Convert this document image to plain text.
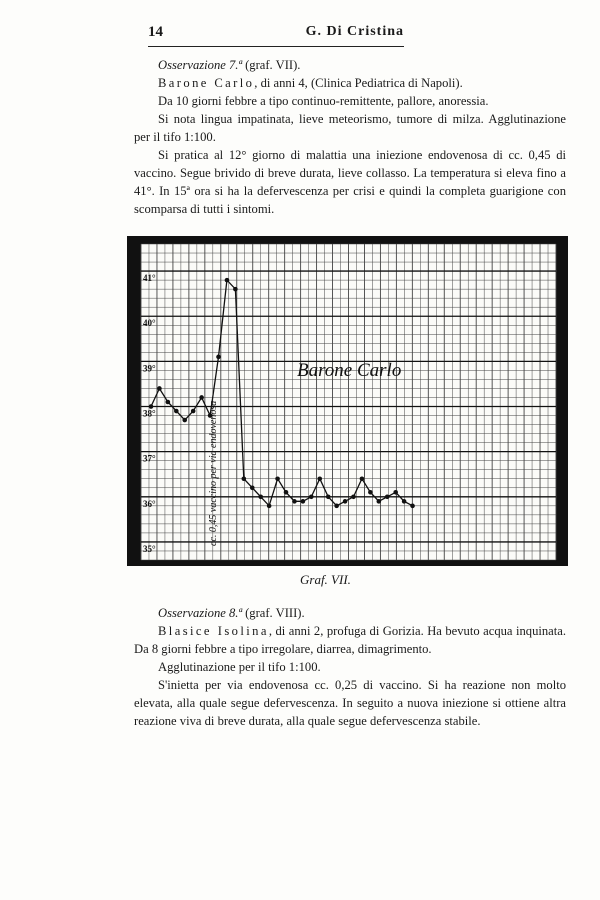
14	G. Di Cristina

Osservazione 7.ª (graf. VII).

Barone Carlo, di anni 4, (Clinica Pediatrica di Napoli).

Da 10 giorni febbre a tipo continuo-remittente, pallore, anoressia.

Si nota lingua impatinata, lieve meteorismo, tumore di milza. Agglutinazione per il tifo 1:100.

Si pratica al 12° giorno di malattia una iniezione endovenosa di cc. 0,45 di vaccino. Segue brivido di breve durata, lieve collasso. La temperatura si eleva fino a 41°. In 15ª ora si ha la defervescenza per crisi e quindi la completa guarigione con scomparsa di tutti i sintomi.

41°
40°
39°
38°
37°
36°
35°
Barone Carlo
cc. 0,45 vaccino per via endovenosa
Graf. VII.

Osservazione 8.ª (graf. VIII).

Blasice Isolina, di anni 2, profuga di Gorizia. Ha bevuto acqua inquinata. Da 8 giorni febbre a tipo irregolare, diarrea, dimagrimento.

Agglutinazione per il tifo 1:100.

S'inietta per via endovenosa cc. 0,25 di vaccino. Si ha reazione non molto elevata, alla quale segue defervescenza. In seguito a nuova iniezione si ottiene altra reazione viva di breve durata, alla quale segue defervescenza stabile.
